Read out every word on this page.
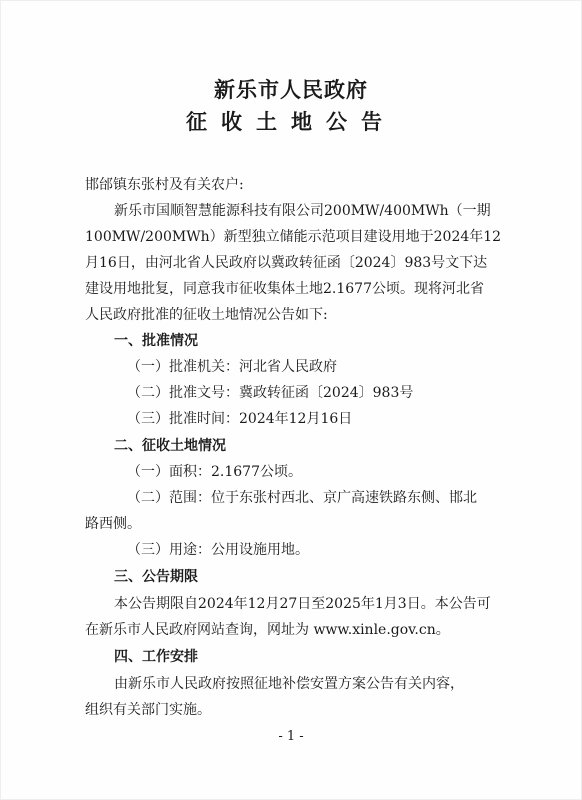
新乐市人民政府
征收土地公告
邯邰镇东张村及有关农户:
新乐市国顺智慧能源科技有限公司200MW/400MWh（一期
100MW/200MWh）新型独立储能示范项目建设用地于2024年12
月16日，由河北省人民政府以冀政转征函〔2024〕983号文下达
建设用地批复，同意我市征收集体土地2.1677公顷。现将河北省
人民政府批准的征收土地情况公告如下:
一、批准情况
（一）批准机关：河北省人民政府
（二）批准文号：冀政转征函〔2024〕983号
（三）批准时间：2024年12月16日
二、征收土地情况
（一）面积：2.1677公顷。
（二）范围：位于东张村西北、京广高速铁路东侧、邯北
路西侧。
（三）用途：公用设施用地。
三、公告期限
本公告期限自2024年12月27日至2025年1月3日。本公告可
在新乐市人民政府网站查询，网址为 www.xinle.gov.cn。
四、工作安排
由新乐市人民政府按照征地补偿安置方案公告有关内容，
组织有关部门实施。
- 1 -
